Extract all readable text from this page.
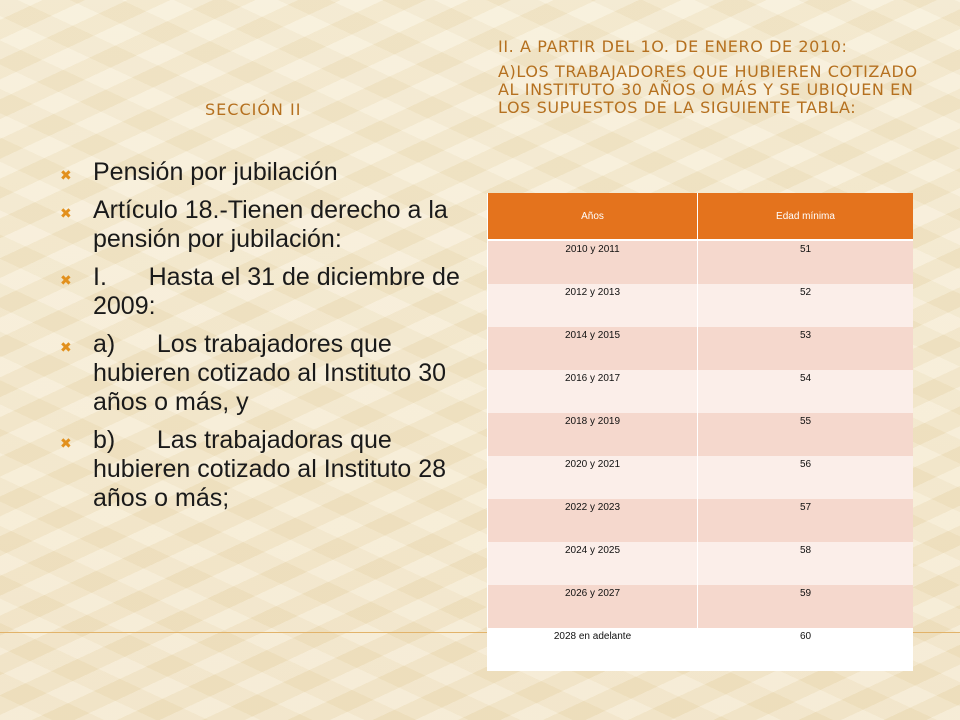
SECCIÓN II

II. A PARTIR DEL 1O. DE ENERO DE 2010:

A)LOS TRABAJADORES QUE HUBIEREN COTIZADO AL INSTITUTO 30 AÑOS O MÁS Y SE UBIQUEN EN LOS SUPUESTOS DE LA SIGUIENTE TABLA:

✖ Pensión por jubilación
✖ Artículo 18.-Tienen derecho a la pensión por jubilación:
✖ I.      Hasta el 31 de diciembre de 2009:
✖ a)      Los trabajadores que hubieren cotizado al Instituto 30 años o más, y
✖ b)      Las trabajadoras que hubieren cotizado al Instituto 28 años o más;
Años	Edad mínima
2010 y 2011	51
2012 y 2013	52
2014 y 2015	53
2016 y 2017	54
2018 y 2019	55
2020 y 2021	56
2022 y 2023	57
2024 y 2025	58
2026 y 2027	59
2028 en adelante	60
